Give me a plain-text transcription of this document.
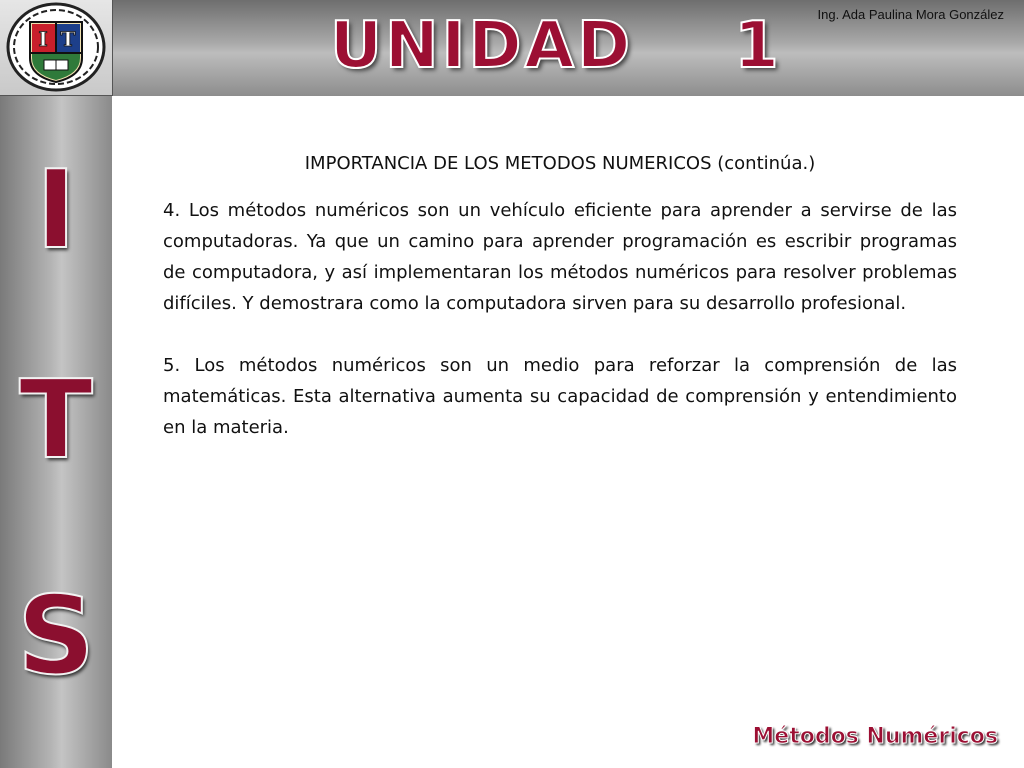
I T	UNIDAD    1	Ing. Ada Paulina Mora González
I
T
S
IMPORTANCIA DE LOS METODOS NUMERICOS (continúa.)

4. Los métodos numéricos son un vehículo eficiente para aprender a servirse de las computadoras. Ya que un camino para aprender programación es escribir programas de computadora, y así implementaran los métodos numéricos para resolver problemas difíciles. Y demostrara como la computadora sirven para su desarrollo profesional.

5. Los métodos numéricos son un medio para reforzar la comprensión de las matemáticas. Esta alternativa aumenta su capacidad de comprensión y entendimiento en la materia.

Métodos Numéricos
